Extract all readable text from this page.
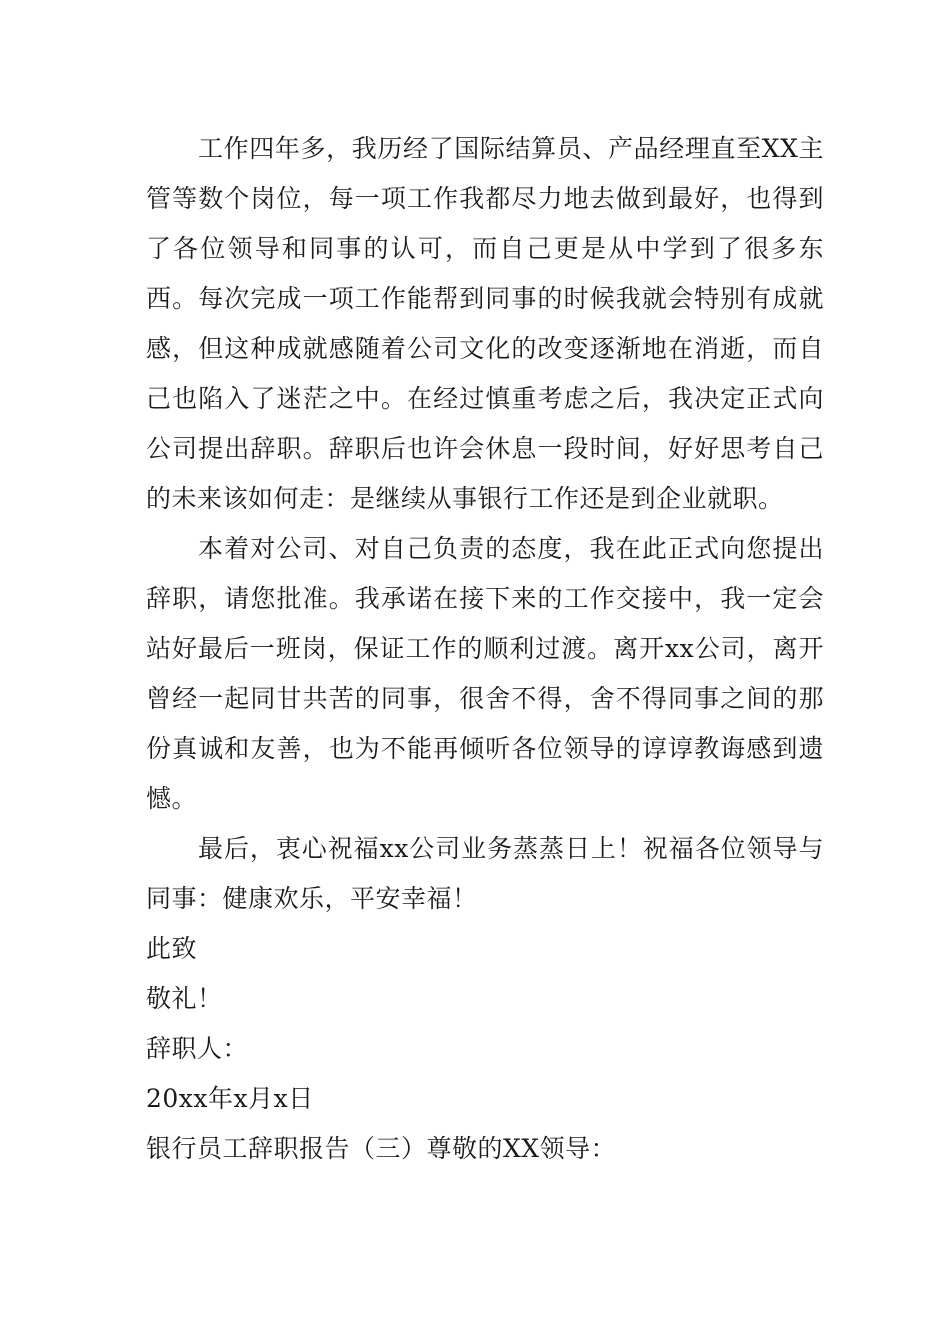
工作四年多，我历经了国际结算员、产品经理直至XX主管等数个岗位，每一项工作我都尽力地去做到最好，也得到了各位领导和同事的认可，而自己更是从中学到了很多东西。每次完成一项工作能帮到同事的时候我就会特别有成就感，但这种成就感随着公司文化的改变逐渐地在消逝，而自己也陷入了迷茫之中。在经过慎重考虑之后，我决定正式向公司提出辞职。辞职后也许会休息一段时间，好好思考自己的未来该如何走：是继续从事银行工作还是到企业就职。

本着对公司、对自己负责的态度，我在此正式向您提出辞职，请您批准。我承诺在接下来的工作交接中，我一定会站好最后一班岗，保证工作的顺利过渡。离开xx公司，离开曾经一起同甘共苦的同事，很舍不得，舍不得同事之间的那份真诚和友善，也为不能再倾听各位领导的谆谆教诲感到遗憾。

最后，衷心祝福xx公司业务蒸蒸日上！祝福各位领导与同事：健康欢乐，平安幸福！

此致

敬礼！

辞职人：

20xx年x月x日

银行员工辞职报告（三）尊敬的XX领导：
